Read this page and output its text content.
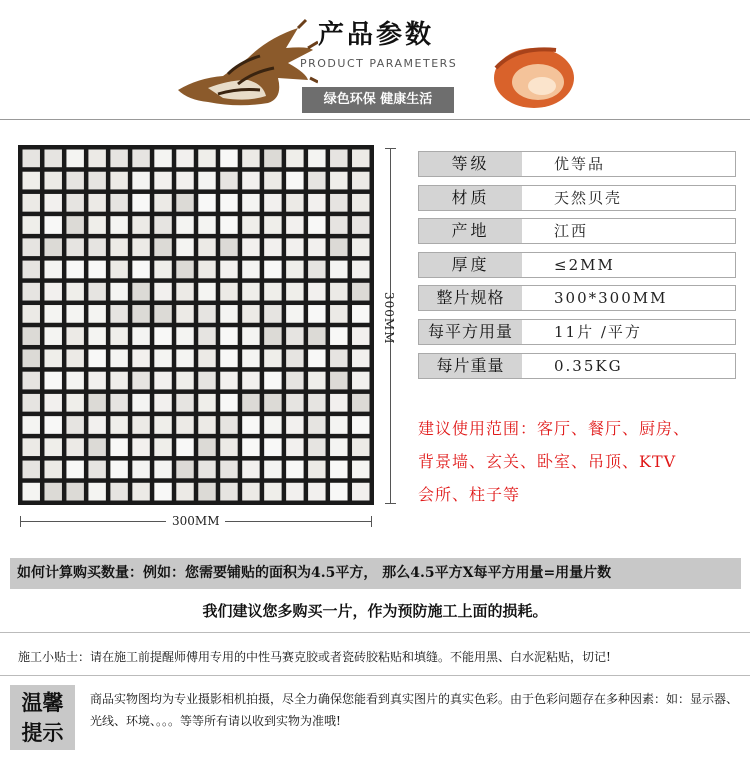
产品参数
PRODUCT PARAMETERS
绿色环保 健康生活
300MM
300MM
等级	优等品
材质	天然贝壳
产地	江西
厚度	≤2MM
整片规格	300*300MM
每平方用量	11片 /平方
每片重量	0.35KG
建议使用范围：客厅、餐厅、厨房、
背景墙、玄关、卧室、吊顶、KTV
会所、柱子等
如何计算购买数量：例如：您需要铺贴的面积为4.5平方， 那么4.5平方X每平方用量=用量片数
我们建议您多购买一片，作为预防施工上面的损耗。
施工小贴士：请在施工前提醒师傅用专用的中性马赛克胶或者瓷砖胶粘贴和填缝。不能用黑、白水泥粘贴，切记!
温馨
提示
商品实物图均为专业摄影相机拍摄，尽全力确保您能看到真实图片的真实色彩。由于色彩问题存在多种因素：如：显示器、光线、环境、。。。等等所有请以收到实物为准哦!
